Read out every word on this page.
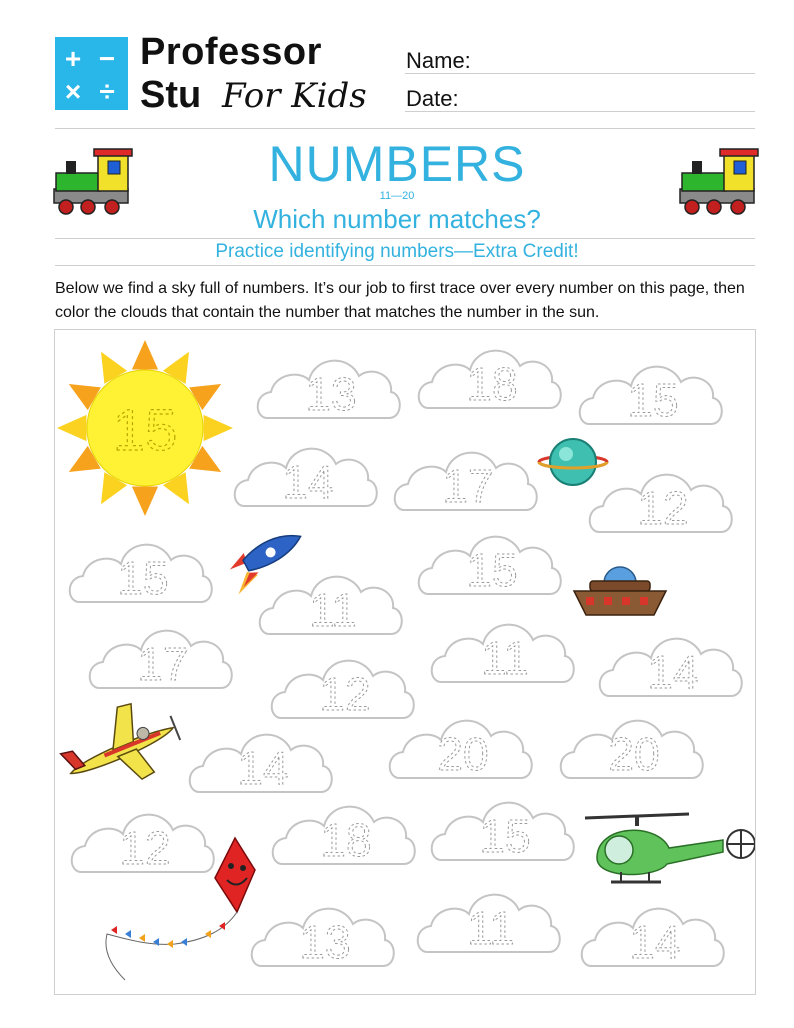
+ −
× ÷
Professor
Stu For Kids
Name:
Date:
NUMBERS
11—20
Which number matches?
Practice identifying numbers—Extra Credit!
Below we find a sky full of numbers. It’s our job to first trace over every number on this page, then color the clouds that contain the number that matches the number in the sun.
15
13 18 15
14 17	12
15	15
11
17	11	14
12
14	20	20
12	18 15
13	11 14
